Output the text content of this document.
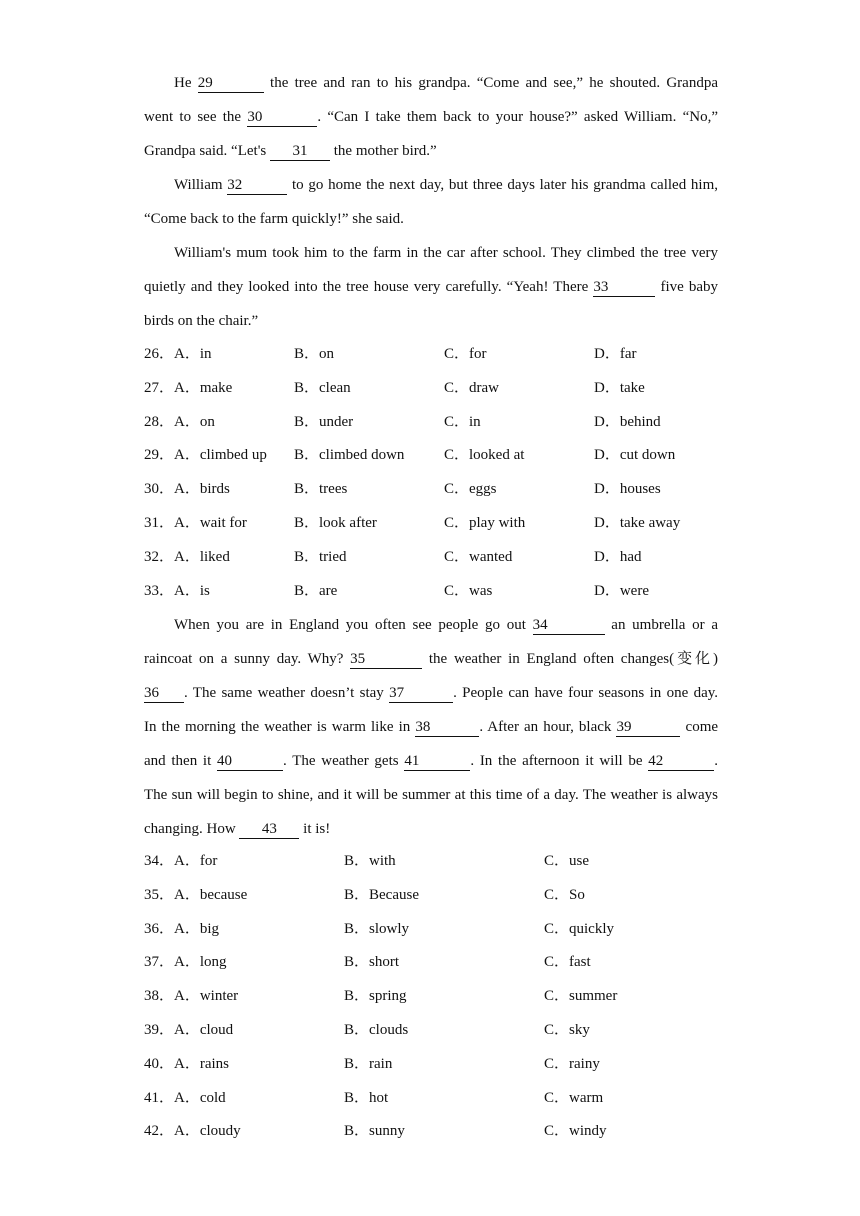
He 29	the tree and ran to his grandpa. “Come and see,” he shouted. Grandpa
went to see the 30	. “Can I take them back to your house?” asked William. “No,”
Grandpa said. “Let's 31 the mother bird.”
William 32	to go home the next day, but three days later his grandma called him,
“Come back to the farm quickly!” she said.
William's mum took him to the farm in the car after school. They climbed the tree very
quietly and they looked into the tree house very carefully. “Yeah! There 33	five baby
birds on the chair.”
26． A．in	B．on	C．for	D．far
27． A．make	B．clean	C．draw	D．take
28． A．on	B．under	C．in	D．behind
29． A．climbed up B．climbed down	C．looked at	D．cut down
30． A．birds	B．trees	C．eggs	D．houses
31． A．wait for	B．look after	C．play with	D．take away
32． A．liked	B．tried	C．wanted	D．had
33． A．is	B．are	C．was	D．were
When you are in England you often see people go out 34	an umbrella or a
raincoat on a sunny day. Why? 35	the weather in England often changes(变化)
36 . The same weather doesn’t stay 37	. People can have four seasons in one day.
In the morning the weather is warm like in 38	. After an hour, black 39	come
and then it 40	. The weather gets 41	. In the afternoon it will be 42	.
The sun will begin to shine, and it will be summer at this time of a day. The weather is always
changing. How 43 it is!
34． A．for	B．with	C．use
35． A．because	B．Because	C．So
36． A．big	B．slowly	C．quickly
37． A．long	B．short	C．fast
38． A．winter	B．spring	C．summer
39． A．cloud	B．clouds	C．sky
40． A．rains	B．rain	C．rainy
41． A．cold	B．hot	C．warm
42． A．cloudy	B．sunny	C．windy
